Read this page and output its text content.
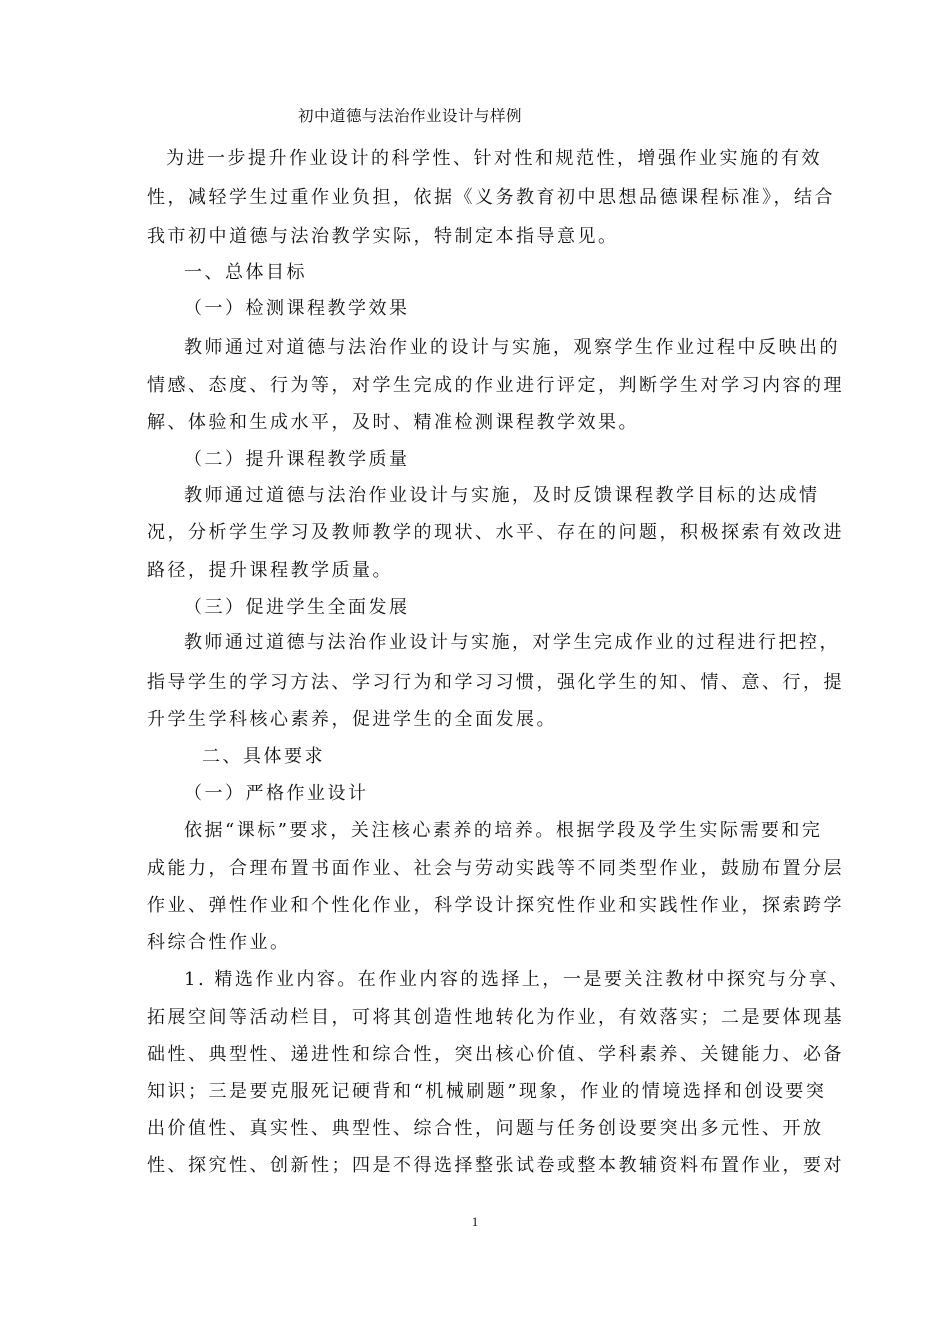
初中道德与法治作业设计与样例
为进一步提升作业设计的科学性、针对性和规范性，增强作业实施的有效
性，减轻学生过重作业负担，依据《义务教育初中思想品德课程标准》，结合
我市初中道德与法治教学实际，特制定本指导意见。
一、总体目标
（一）检测课程教学效果
教师通过对道德与法治作业的设计与实施，观察学生作业过程中反映出的
情感、态度、行为等，对学生完成的作业进行评定，判断学生对学习内容的理
解、体验和生成水平，及时、精准检测课程教学效果。
（二）提升课程教学质量
教师通过道德与法治作业设计与实施，及时反馈课程教学目标的达成情
况，分析学生学习及教师教学的现状、水平、存在的问题，积极探索有效改进
路径，提升课程教学质量。
（三）促进学生全面发展
教师通过道德与法治作业设计与实施，对学生完成作业的过程进行把控，
指导学生的学习方法、学习行为和学习习惯，强化学生的知、情、意、行，提
升学生学科核心素养，促进学生的全面发展。
二、具体要求
（一）严格作业设计
依据“课标”要求，关注核心素养的培养。根据学段及学生实际需要和完
成能力，合理布置书面作业、社会与劳动实践等不同类型作业，鼓励布置分层
作业、弹性作业和个性化作业，科学设计探究性作业和实践性作业，探索跨学
科综合性作业。
1. 精选作业内容。在作业内容的选择上，一是要关注教材中探究与分享、
拓展空间等活动栏目，可将其创造性地转化为作业，有效落实；二是要体现基
础性、典型性、递进性和综合性，突出核心价值、学科素养、关键能力、必备
知识；三是要克服死记硬背和“机械刷题”现象，作业的情境选择和创设要突
出价值性、真实性、典型性、综合性，问题与任务创设要突出多元性、开放
性、探究性、创新性；四是不得选择整张试卷或整本教辅资料布置作业，要对
1
